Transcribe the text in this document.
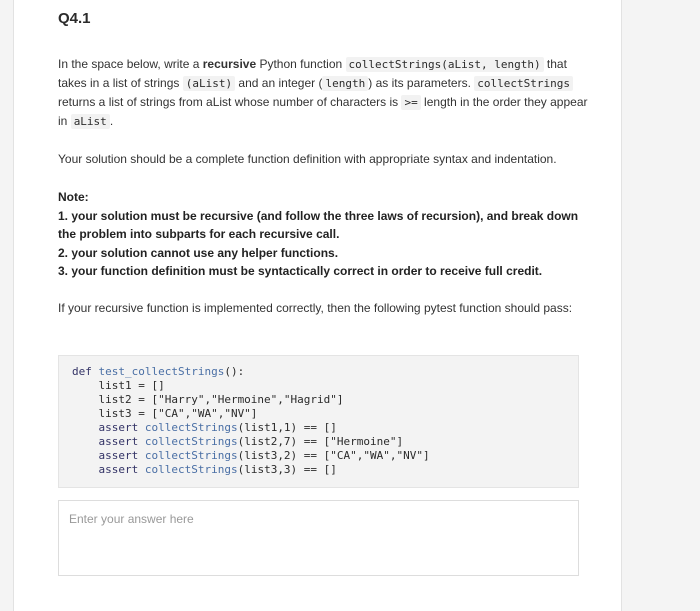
Q4.1

In the space below, write a recursive Python function collectStrings(aList, length) that takes in a list of strings (aList) and an integer ( length ) as its parameters. collectStrings returns a list of strings from aList whose number of characters is >= length in the order they appear in aList .

Your solution should be a complete function definition with appropriate syntax and indentation.

Note:

1. your solution must be recursive (and follow the three laws of recursion), and break down the problem into subparts for each recursive call.

2. your solution cannot use any helper functions.

3. your function definition must be syntactically correct in order to receive full credit.

If your recursive function is implemented correctly, then the following pytest function should pass:

def test_collectStrings():
list1 = []
list2 = ["Harry","Hermoine","Hagrid"]
list3 = ["CA","WA","NV"]
assert collectStrings(list1,1) == []
assert collectStrings(list2,7) == ["Hermoine"]
assert collectStrings(list3,2) == ["CA","WA","NV"]
assert collectStrings(list3,3) == []
Enter your answer here
